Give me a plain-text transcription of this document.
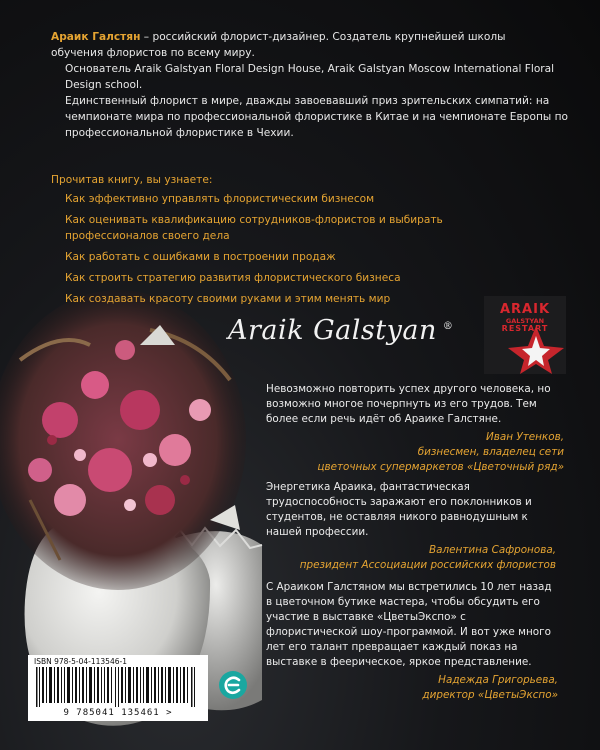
Араик Галстян – российский флорист-дизайнер. Создатель крупнейшей школы

обучения флористов по всему миру.

Основатель Araik Galstyan Floral Design House, Araik Galstyan Moscow International Floral Design school.

Единственный флорист в мире, дважды завоевавший приз зрительских симпатий: на чемпионате мира по профессиональной флористике в Китае и на чемпионате Европы по профессиональной флористике в Чехии.

Прочитав книгу, вы узнаете:
Как эффективно управлять флористическим бизнесом
Как оценивать квалификацию сотрудников-флористов и выбирать профессионалов своего дела
Как работать с ошибками в построении продаж
Как строить стратегию развития флористического бизнеса
Как создавать красоту своими руками и этим менять мир
Araik Galstyan ®
ARAIK
GALSTYAN
RESTART

Невозможно повторить успех другого человека, но возможно многое почерпнуть из его трудов. Тем более если речь идёт об Араике Галстяне.

Иван Утенков,

бизнесмен, владелец сети

цветочных супермаркетов «Цветочный ряд»

Энергетика Араика, фантастическая трудоспособность заражают его поклонников и студентов, не оставляя никого равнодушным к нашей профессии.

Валентина Сафронова,

президент Ассоциации российских флористов

С Араиком Галстяном мы встретились 10 лет назад в цветочном бутике мастера, чтобы обсудить его участие в выставке «ЦветыЭкспо» с флористической шоу-программой. И вот уже много лет его талант превращает каждый показ на выставке в феерическое, яркое представление.

Надежда Григорьева,

директор «ЦветыЭкспо»

ISBN 978-5-04-113546-1
9 785041 135461 >
